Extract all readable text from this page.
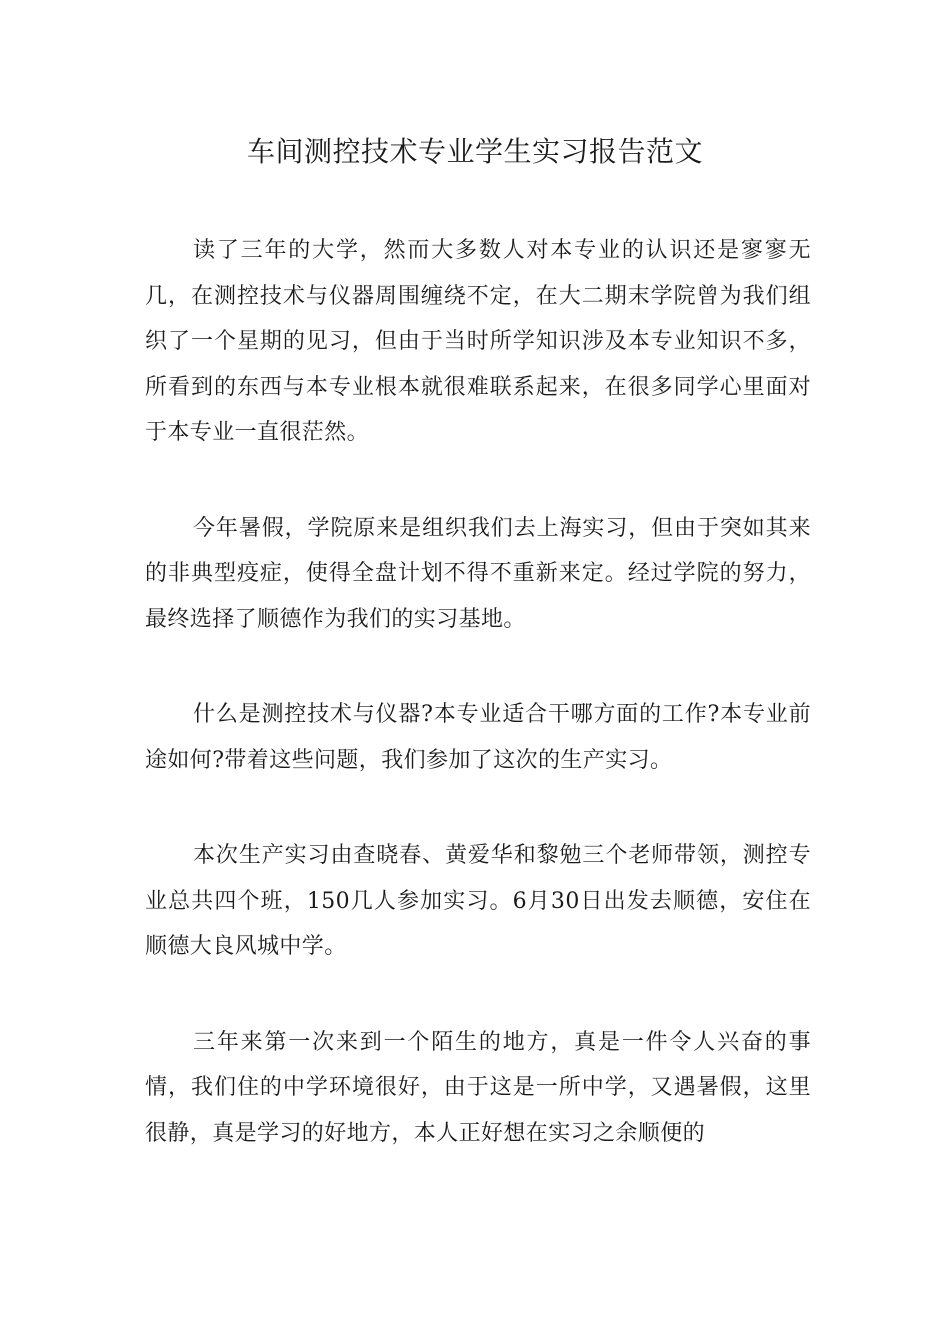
车间测控技术专业学生实习报告范文

读了三年的大学，然而大多数人对本专业的认识还是寥寥无几，在测控技术与仪器周围缠绕不定，在大二期末学院曾为我们组织了一个星期的见习，但由于当时所学知识涉及本专业知识不多，所看到的东西与本专业根本就很难联系起来，在很多同学心里面对于本专业一直很茫然。

今年暑假，学院原来是组织我们去上海实习，但由于突如其来的非典型疫症，使得全盘计划不得不重新来定。经过学院的努力，最终选择了顺德作为我们的实习基地。

什么是测控技术与仪器?本专业适合干哪方面的工作?本专业前途如何?带着这些问题，我们参加了这次的生产实习。

本次生产实习由查晓春、黄爱华和黎勉三个老师带领，测控专业总共四个班，150几人参加实习。6月30日出发去顺德，安住在顺德大良风城中学。

三年来第一次来到一个陌生的地方，真是一件令人兴奋的事情，我们住的中学环境很好，由于这是一所中学，又遇暑假，这里很静，真是学习的好地方，本人正好想在实习之余顺便的
